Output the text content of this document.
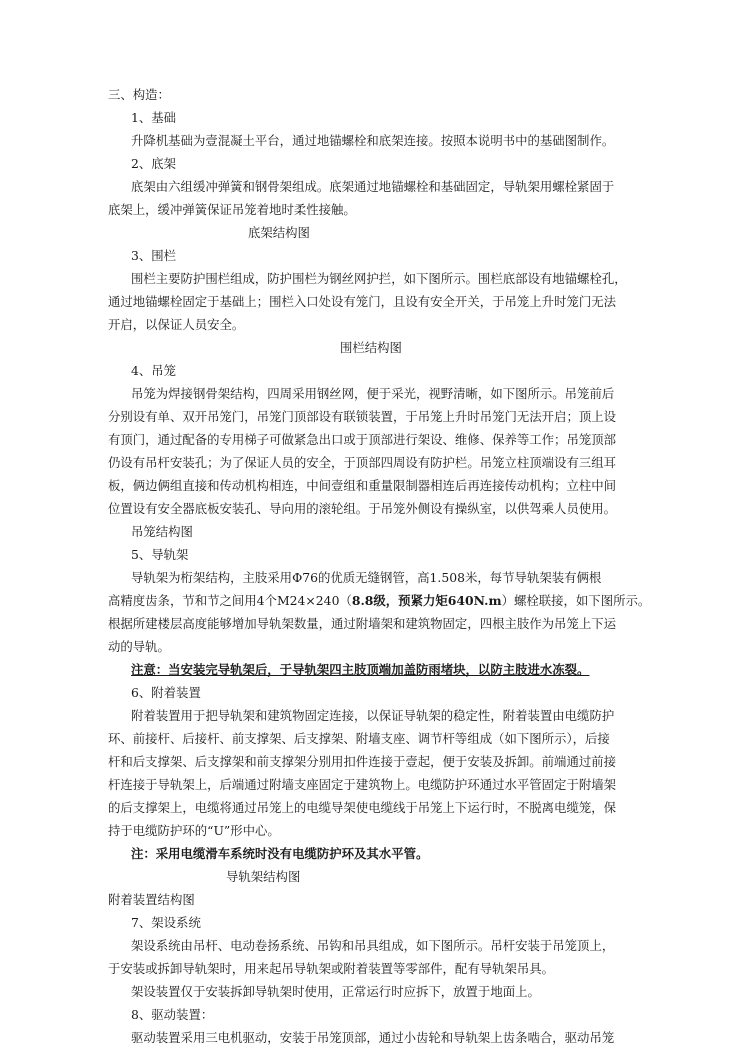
三、构造：
1、基础
升降机基础为壹混凝土平台，通过地锚螺栓和底架连接。按照本说明书中的基础图制作。
2、底架
底架由六组缓冲弹簧和钢骨架组成。底架通过地锚螺栓和基础固定，导轨架用螺栓紧固于
底架上，缓冲弹簧保证吊笼着地时柔性接触。
底架结构图
3、围栏
围栏主要防护围栏组成，防护围栏为钢丝网护拦，如下图所示。围栏底部设有地锚螺栓孔，
通过地锚螺栓固定于基础上；围栏入口处设有笼门，且设有安全开关，于吊笼上升时笼门无法
开启，以保证人员安全。
围栏结构图
4、吊笼
吊笼为焊接钢骨架结构，四周采用钢丝网，便于采光，视野清晰，如下图所示。吊笼前后
分别设有单、双开吊笼门，吊笼门顶部设有联锁装置，于吊笼上升时吊笼门无法开启；顶上设
有顶门，通过配备的专用梯子可做紧急出口或于顶部进行架设、维修、保养等工作；吊笼顶部
仍设有吊杆安装孔；为了保证人员的安全，于顶部四周设有防护栏。吊笼立柱顶端设有三组耳
板，俩边俩组直接和传动机构相连，中间壹组和重量限制器相连后再连接传动机构；立柱中间
位置设有安全器底板安装孔、导向用的滚轮组。于吊笼外侧设有操纵室，以供驾乘人员使用。
吊笼结构图
5、导轨架
导轨架为桁架结构，主肢采用Φ76的优质无缝钢管，高1.508米，每节导轨架装有俩根
高精度齿条，节和节之间用4个M24×240（8.8级，预紧力矩640N.m）螺栓联接，如下图所示。
根据所建楼层高度能够增加导轨架数量，通过附墙架和建筑物固定，四根主肢作为吊笼上下运
动的导轨。
注意：当安装完导轨架后，于导轨架四主肢顶端加盖防雨堵块，以防主肢进水冻裂。
6、附着装置
附着装置用于把导轨架和建筑物固定连接，以保证导轨架的稳定性，附着装置由电缆防护
环、前接杆、后接杆、前支撑架、后支撑架、附墙支座、调节杆等组成（如下图所示），后接
杆和后支撑架、后支撑架和前支撑架分别用扣件连接于壹起，便于安装及拆卸。前端通过前接
杆连接于导轨架上，后端通过附墙支座固定于建筑物上。电缆防护环通过水平管固定于附墙架
的后支撑架上，电缆将通过吊笼上的电缆导架使电缆线于吊笼上下运行时，不脱离电缆笼，保
持于电缆防护环的“U”形中心。
注：采用电缆滑车系统时没有电缆防护环及其水平管。
导轨架结构图
附着装置结构图
7、架设系统
架设系统由吊杆、电动卷扬系统、吊钩和吊具组成，如下图所示。吊杆安装于吊笼顶上，
于安装或拆卸导轨架时，用来起吊导轨架或附着装置等零部件，配有导轨架吊具。
架设装置仅于安装拆卸导轨架时使用，正常运行时应拆下，放置于地面上。
8、驱动装置：
驱动装置采用三电机驱动，安装于吊笼顶部，通过小齿轮和导轨架上齿条啮合，驱动吊笼
